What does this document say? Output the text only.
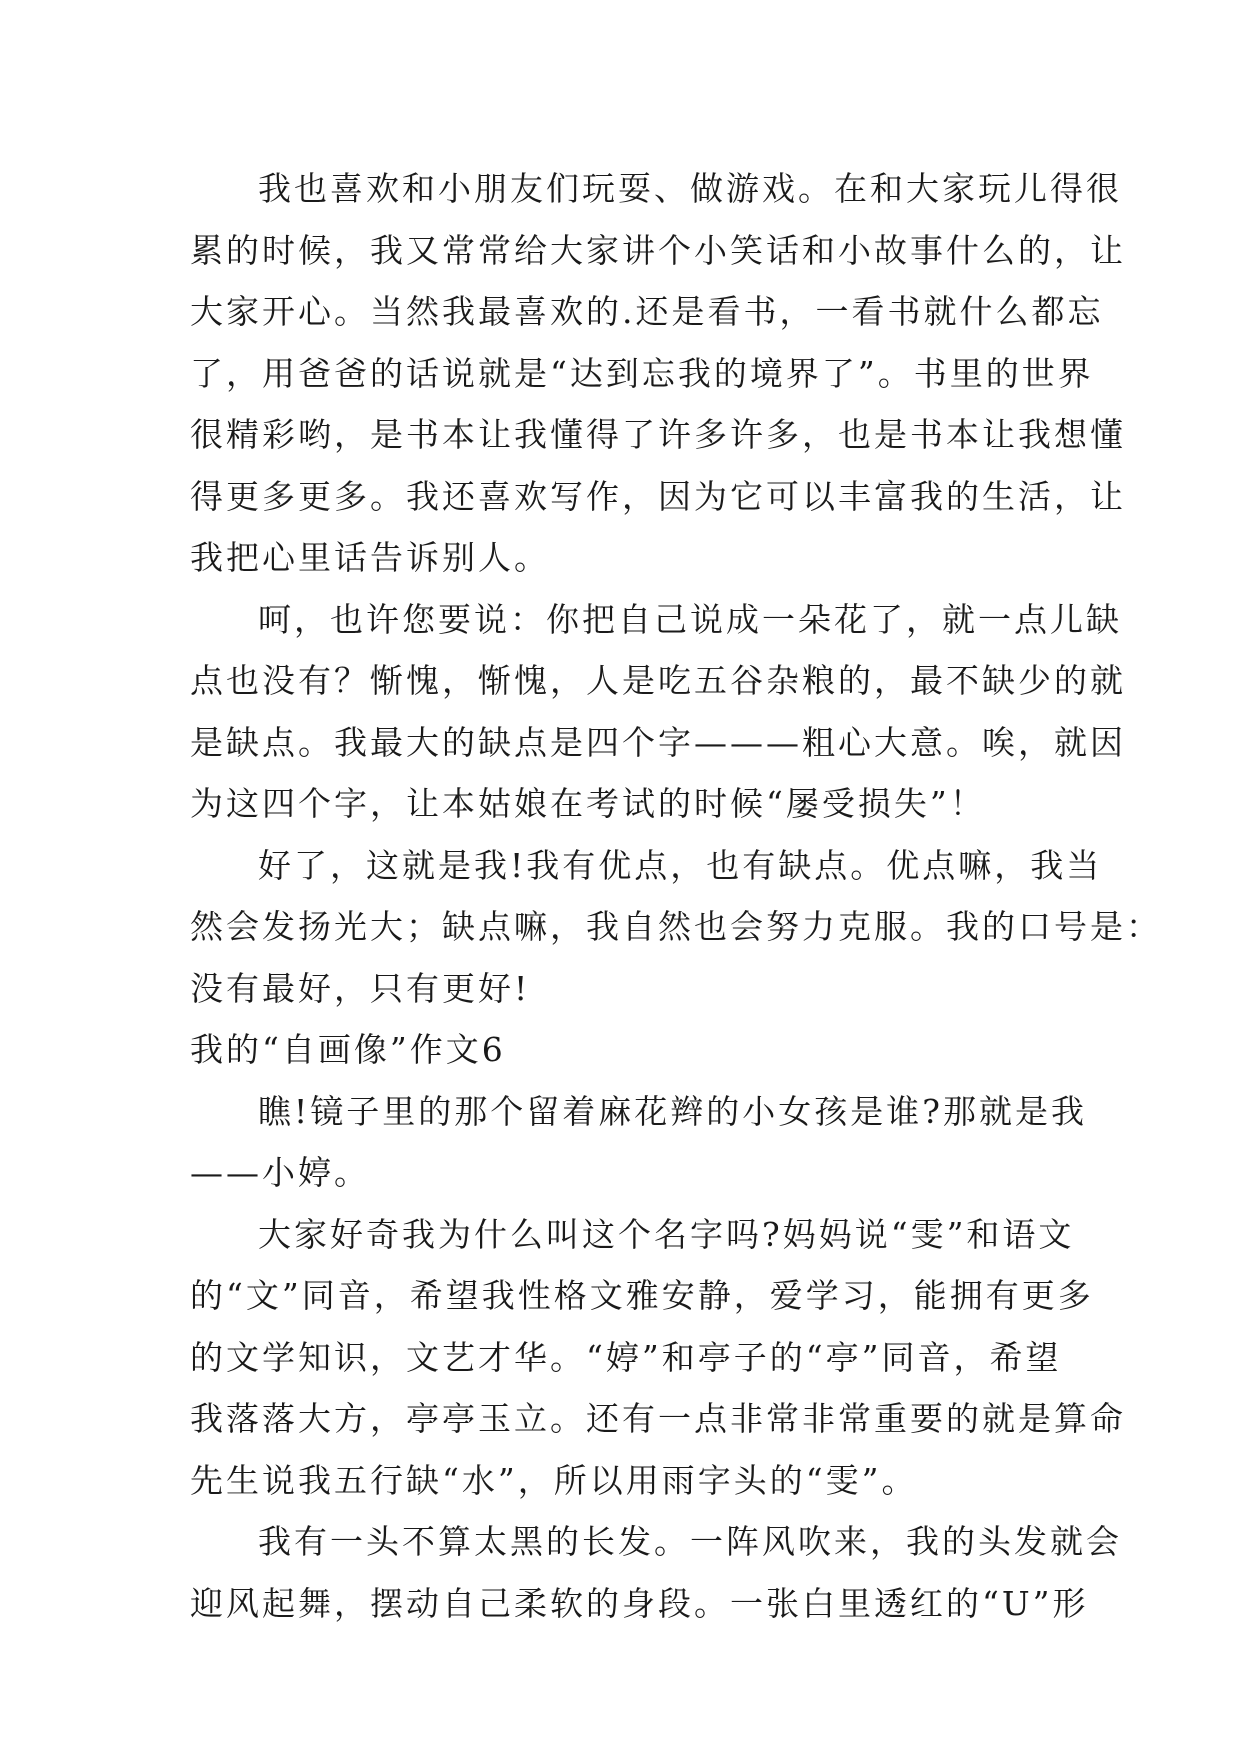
我也喜欢和小朋友们玩耍、做游戏。在和大家玩儿得很
累的时候，我又常常给大家讲个小笑话和小故事什么的，让
大家开心。当然我最喜欢的.还是看书，一看书就什么都忘
了，用爸爸的话说就是“达到忘我的境界了”。书里的世界
很精彩哟，是书本让我懂得了许多许多，也是书本让我想懂
得更多更多。我还喜欢写作，因为它可以丰富我的生活，让
我把心里话告诉别人。
呵，也许您要说：你把自己说成一朵花了，就一点儿缺
点也没有？惭愧，惭愧，人是吃五谷杂粮的，最不缺少的就
是缺点。我最大的缺点是四个字———粗心大意。唉，就因
为这四个字，让本姑娘在考试的时候“屡受损失”！
好了，这就是我!我有优点，也有缺点。优点嘛，我当
然会发扬光大；缺点嘛，我自然也会努力克服。我的口号是：
没有最好，只有更好!
我的“自画像”作文6
瞧!镜子里的那个留着麻花辫的小女孩是谁?那就是我
——小婷。
大家好奇我为什么叫这个名字吗?妈妈说“雯”和语文
的“文”同音，希望我性格文雅安静，爱学习，能拥有更多
的文学知识，文艺才华。“婷”和亭子的“亭”同音，希望
我落落大方，亭亭玉立。还有一点非常非常重要的就是算命
先生说我五行缺“水”，所以用雨字头的“雯”。
我有一头不算太黑的长发。一阵风吹来，我的头发就会
迎风起舞，摆动自己柔软的身段。一张白里透红的“U”形
